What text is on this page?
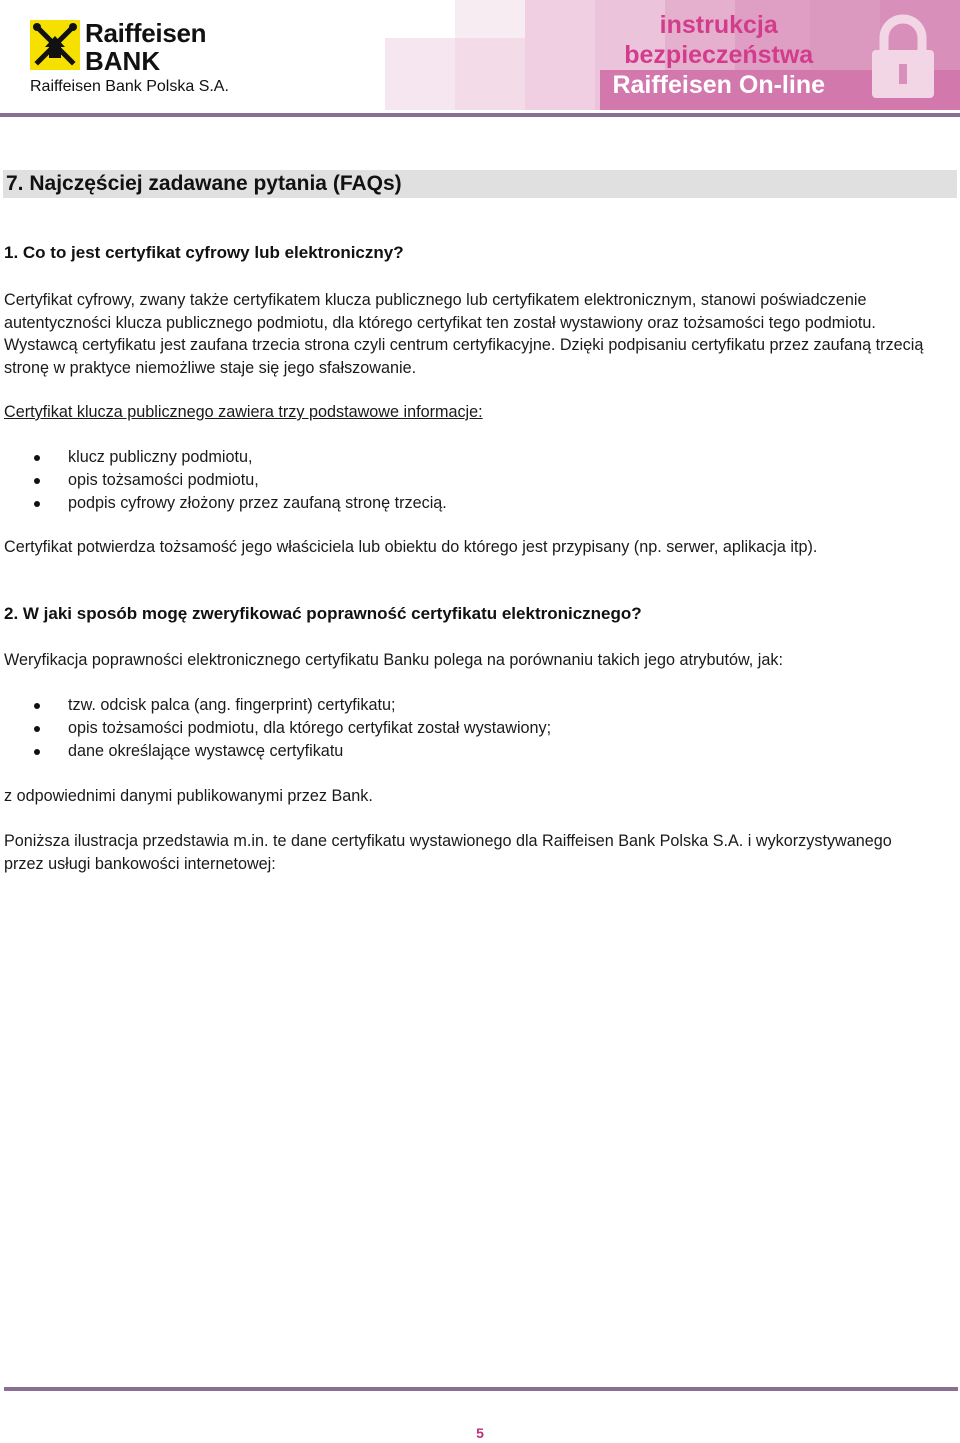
Raiffeisen
BANK
Raiffeisen Bank Polska S.A.
instrukcja
bezpieczeństwa
Raiffeisen On-line
7. Najczęściej zadawane pytania (FAQs)
1. Co to jest certyfikat cyfrowy lub elektroniczny?

Certyfikat cyfrowy, zwany także certyfikatem klucza publicznego lub certyfikatem elektronicznym, stanowi poświadczenie autentyczności klucza publicznego podmiotu, dla którego certyfikat ten został wystawiony oraz tożsamości tego podmiotu. Wystawcą certyfikatu jest zaufana trzecia strona czyli centrum certyfikacyjne. Dzięki podpisaniu certyfikatu przez zaufaną trzecią stronę w praktyce niemożliwe staje się jego sfałszowanie.

Certyfikat klucza publicznego zawiera trzy podstawowe informacje:

klucz publiczny podmiotu,
opis tożsamości podmiotu,
podpis cyfrowy złożony przez zaufaną stronę trzecią.

Certyfikat potwierdza tożsamość jego właściciela lub obiektu do którego jest przypisany (np. serwer, aplikacja itp).

2. W jaki sposób mogę zweryfikować poprawność certyfikatu elektronicznego?

Weryfikacja poprawności elektronicznego certyfikatu Banku polega na porównaniu takich jego atrybutów, jak:

tzw. odcisk palca (ang. fingerprint) certyfikatu;
opis tożsamości podmiotu, dla którego certyfikat został wystawiony;
dane określające wystawcę certyfikatu

z odpowiednimi danymi publikowanymi przez Bank.

Poniższa ilustracja przedstawia m.in. te dane certyfikatu wystawionego dla Raiffeisen Bank Polska S.A. i wykorzystywanego przez usługi bankowości internetowej:

5
